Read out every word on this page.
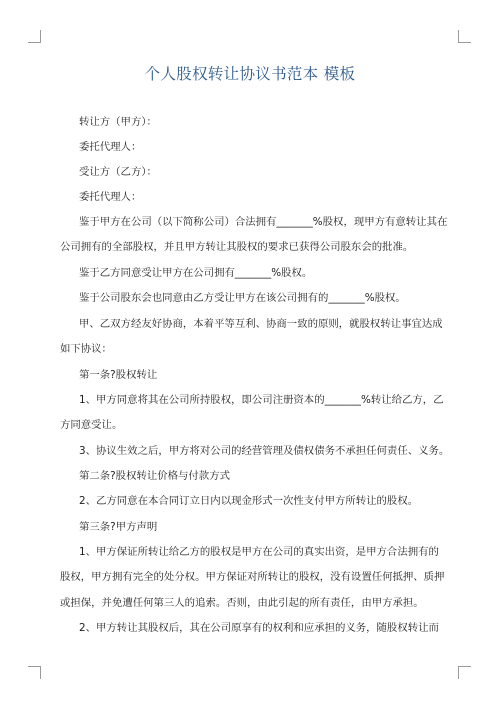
个人股权转让协议书范本 模板
转让方（甲方）：
委托代理人：
受让方（乙方）：
委托代理人：
鉴于甲方在公司（以下简称公司）合法拥有_______%股权，现甲方有意转让其在
公司拥有的全部股权，并且甲方转让其股权的要求已获得公司股东会的批准。
鉴于乙方同意受让甲方在公司拥有_______%股权。
鉴于公司股东会也同意由乙方受让甲方在该公司拥有的_______%股权。
甲、乙双方经友好协商，本着平等互利、协商一致的原则，就股权转让事宜达成
如下协议：
第一条?股权转让
1、甲方同意将其在公司所持股权，即公司注册资本的_______%转让给乙方，乙
方同意受让。
3、协议生效之后，甲方将对公司的经营管理及债权债务不承担任何责任、义务。
第二条?股权转让价格与付款方式
2、乙方同意在本合同订立日内以现金形式一次性支付甲方所转让的股权。
第三条?甲方声明
1、甲方保证所转让给乙方的股权是甲方在公司的真实出资，是甲方合法拥有的
股权，甲方拥有完全的处分权。甲方保证对所转让的股权，没有设置任何抵押、质押
或担保，并免遭任何第三人的追索。否则，由此引起的所有责任，由甲方承担。
2、甲方转让其股权后，其在公司原享有的权利和应承担的义务，随股权转让而
